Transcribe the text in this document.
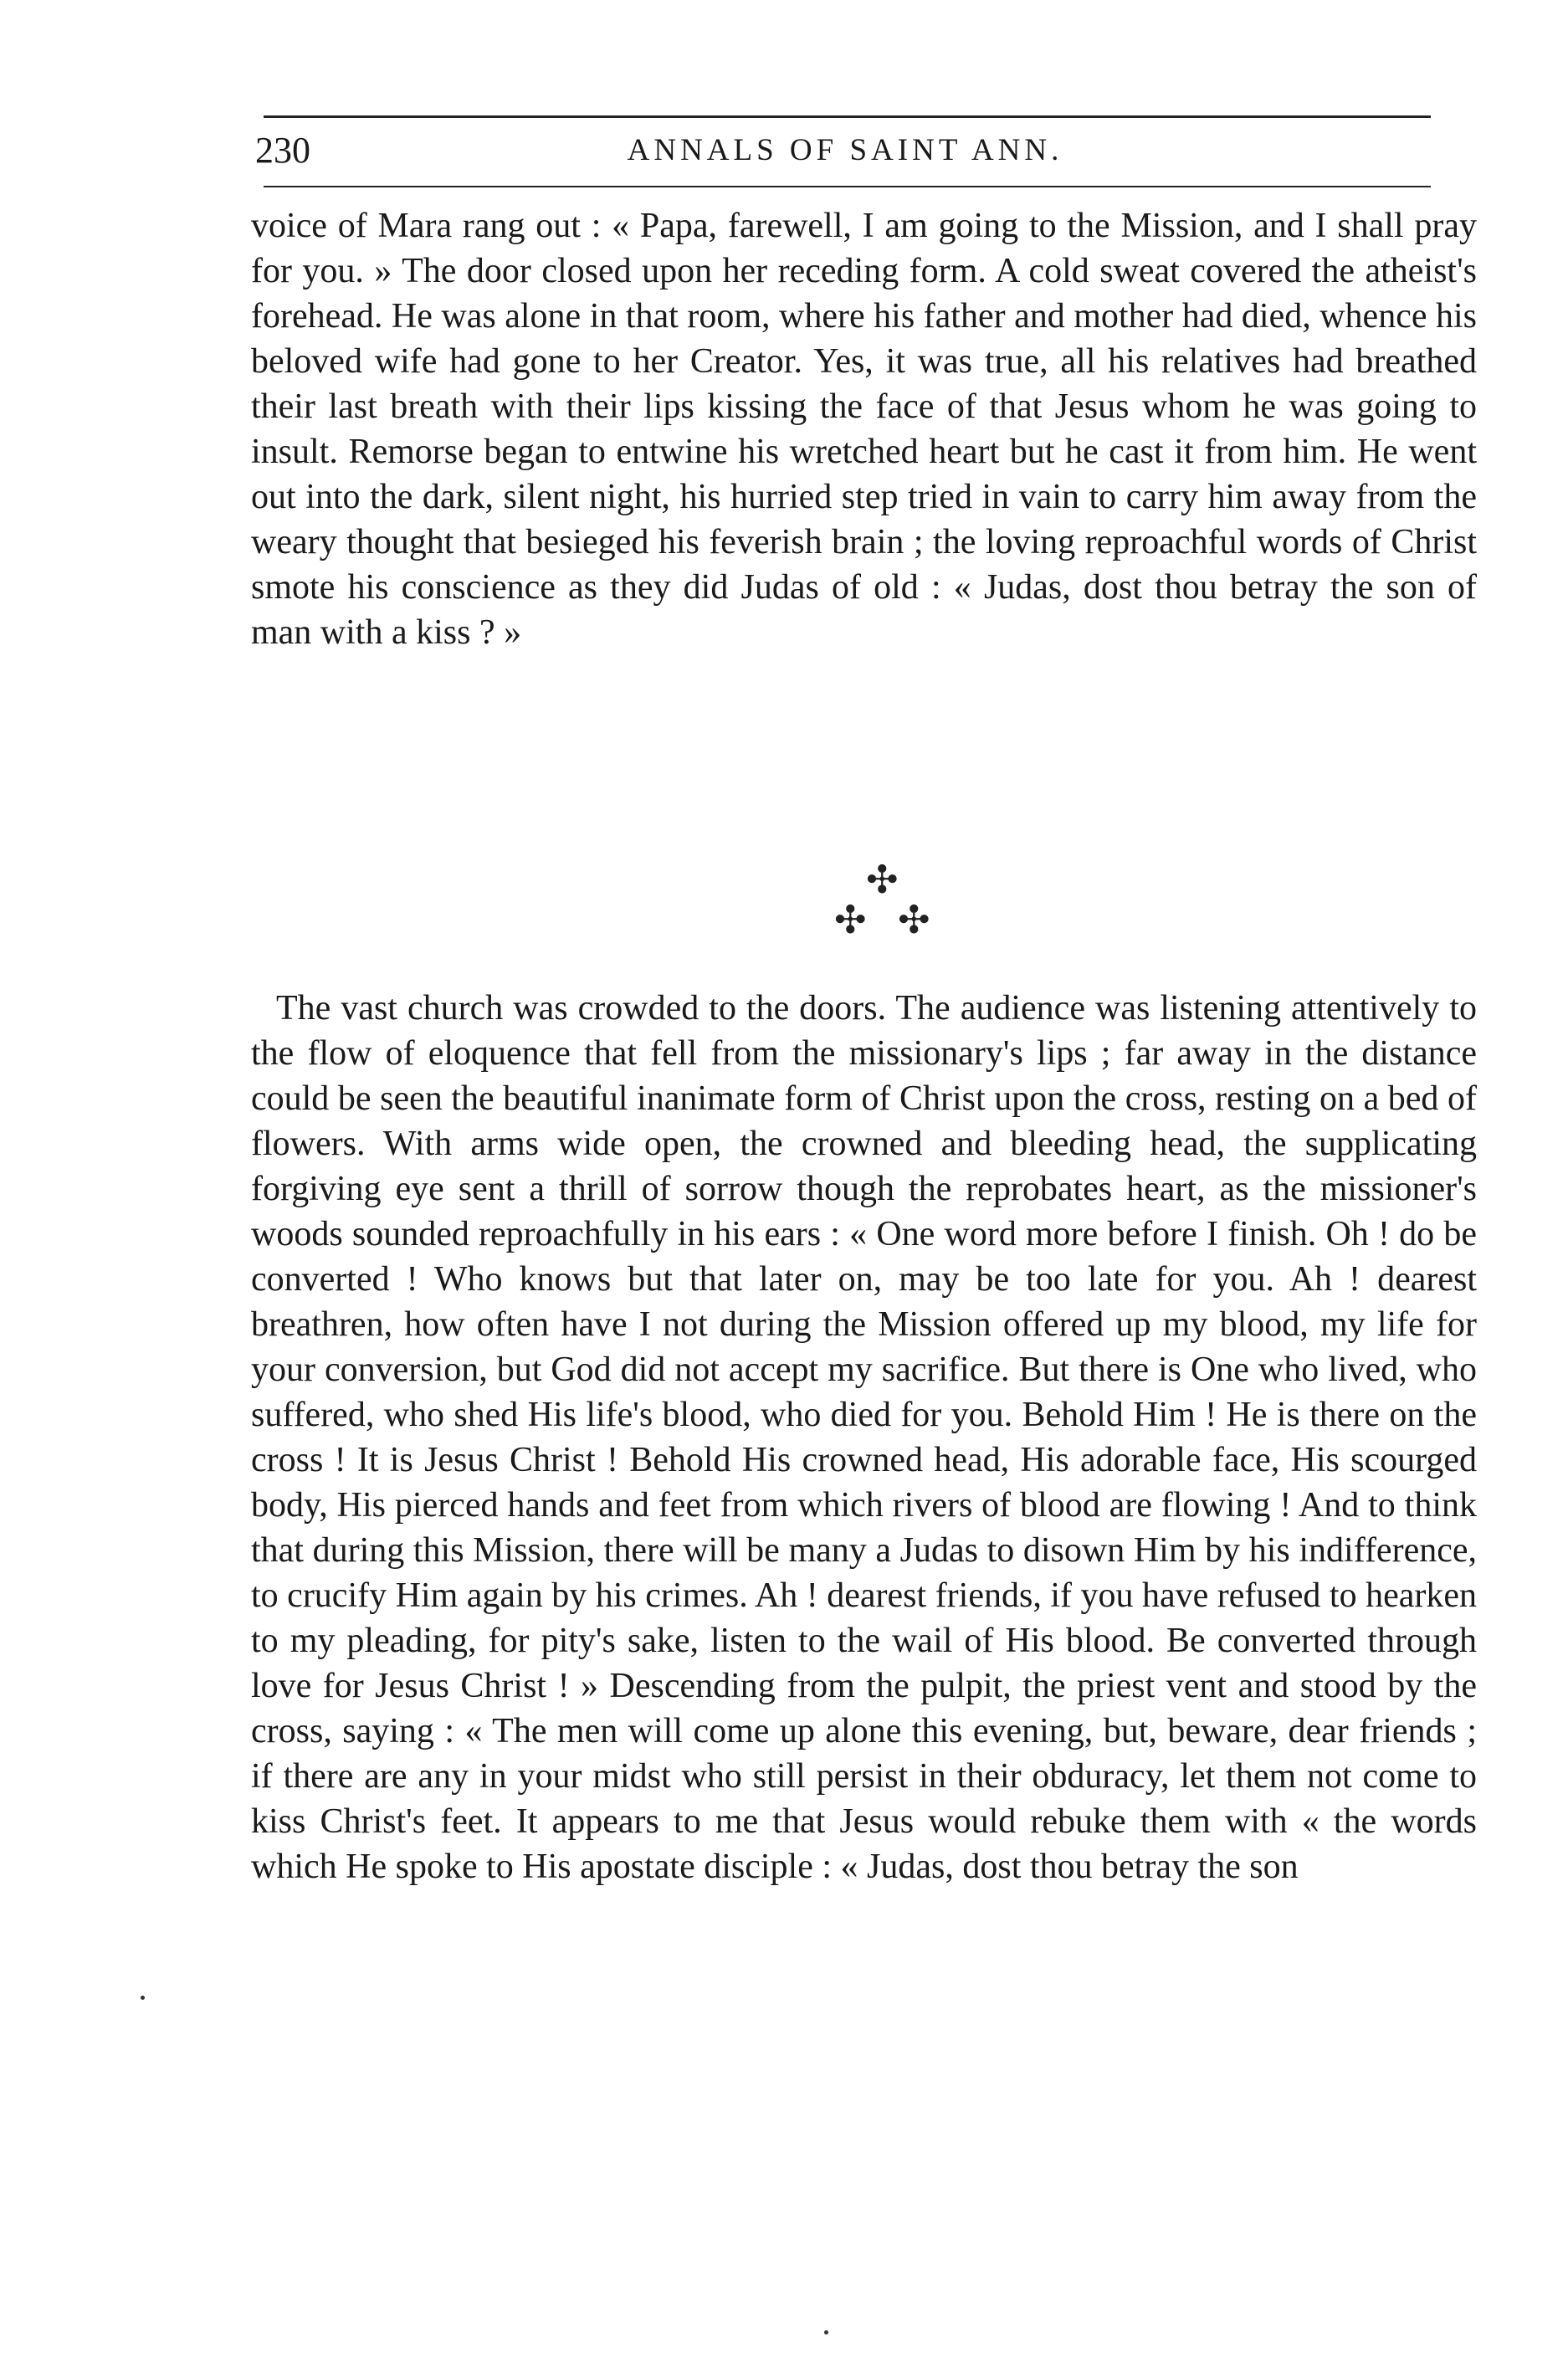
230	ANNALS OF SAINT ANN.

voice of Mara rang out : « Papa, farewell, I am going to the Mission, and I shall pray for you. » The door closed upon her receding form. A cold sweat covered the atheist's forehead. He was alone in that room, where his father and mother had died, whence his beloved wife had gone to her Creator. Yes, it was true, all his relatives had breathed their last breath with their lips kissing the face of that Jesus whom he was going to insult. Remorse began to entwine his wretched heart but he cast it from him. He went out into the dark, silent night, his hurried step tried in vain to carry him away from the weary thought that besieged his feverish brain ; the loving reproachful words of Christ smote his conscience as they did Judas of old : « Judas, dost thou betray the son of man with a kiss ? »

✣
✣ ✣

The vast church was crowded to the doors. The audience was listening attentively to the flow of eloquence that fell from the missionary's lips ; far away in the distance could be seen the beautiful inanimate form of Christ upon the cross, resting on a bed of flowers. With arms wide open, the crowned and bleeding head, the supplicating forgiving eye sent a thrill of sorrow though the reprobates heart, as the missioner's woods sounded reproachfully in his ears : « One word more before I finish. Oh ! do be converted ! Who knows but that later on, may be too late for you. Ah ! dearest breathren, how often have I not during the Mission offered up my blood, my life for your conversion, but God did not accept my sacrifice. But there is One who lived, who suffered, who shed His life's blood, who died for you. Behold Him ! He is there on the cross ! It is Jesus Christ ! Behold His crowned head, His adorable face, His scourged body, His pierced hands and feet from which rivers of blood are flowing ! And to think that during this Mission, there will be many a Judas to disown Him by his indifference, to crucify Him again by his crimes. Ah ! dearest friends, if you have refused to hearken to my pleading, for pity's sake, listen to the wail of His blood. Be converted through love for Jesus Christ ! » Descending from the pulpit, the priest vent and stood by the cross, saying : « The men will come up alone this evening, but, beware, dear friends ; if there are any in your midst who still persist in their obduracy, let them not come to kiss Christ's feet. It appears to me that Jesus would rebuke them with « the words which He spoke to His apostate disciple : « Judas, dost thou betray the son
